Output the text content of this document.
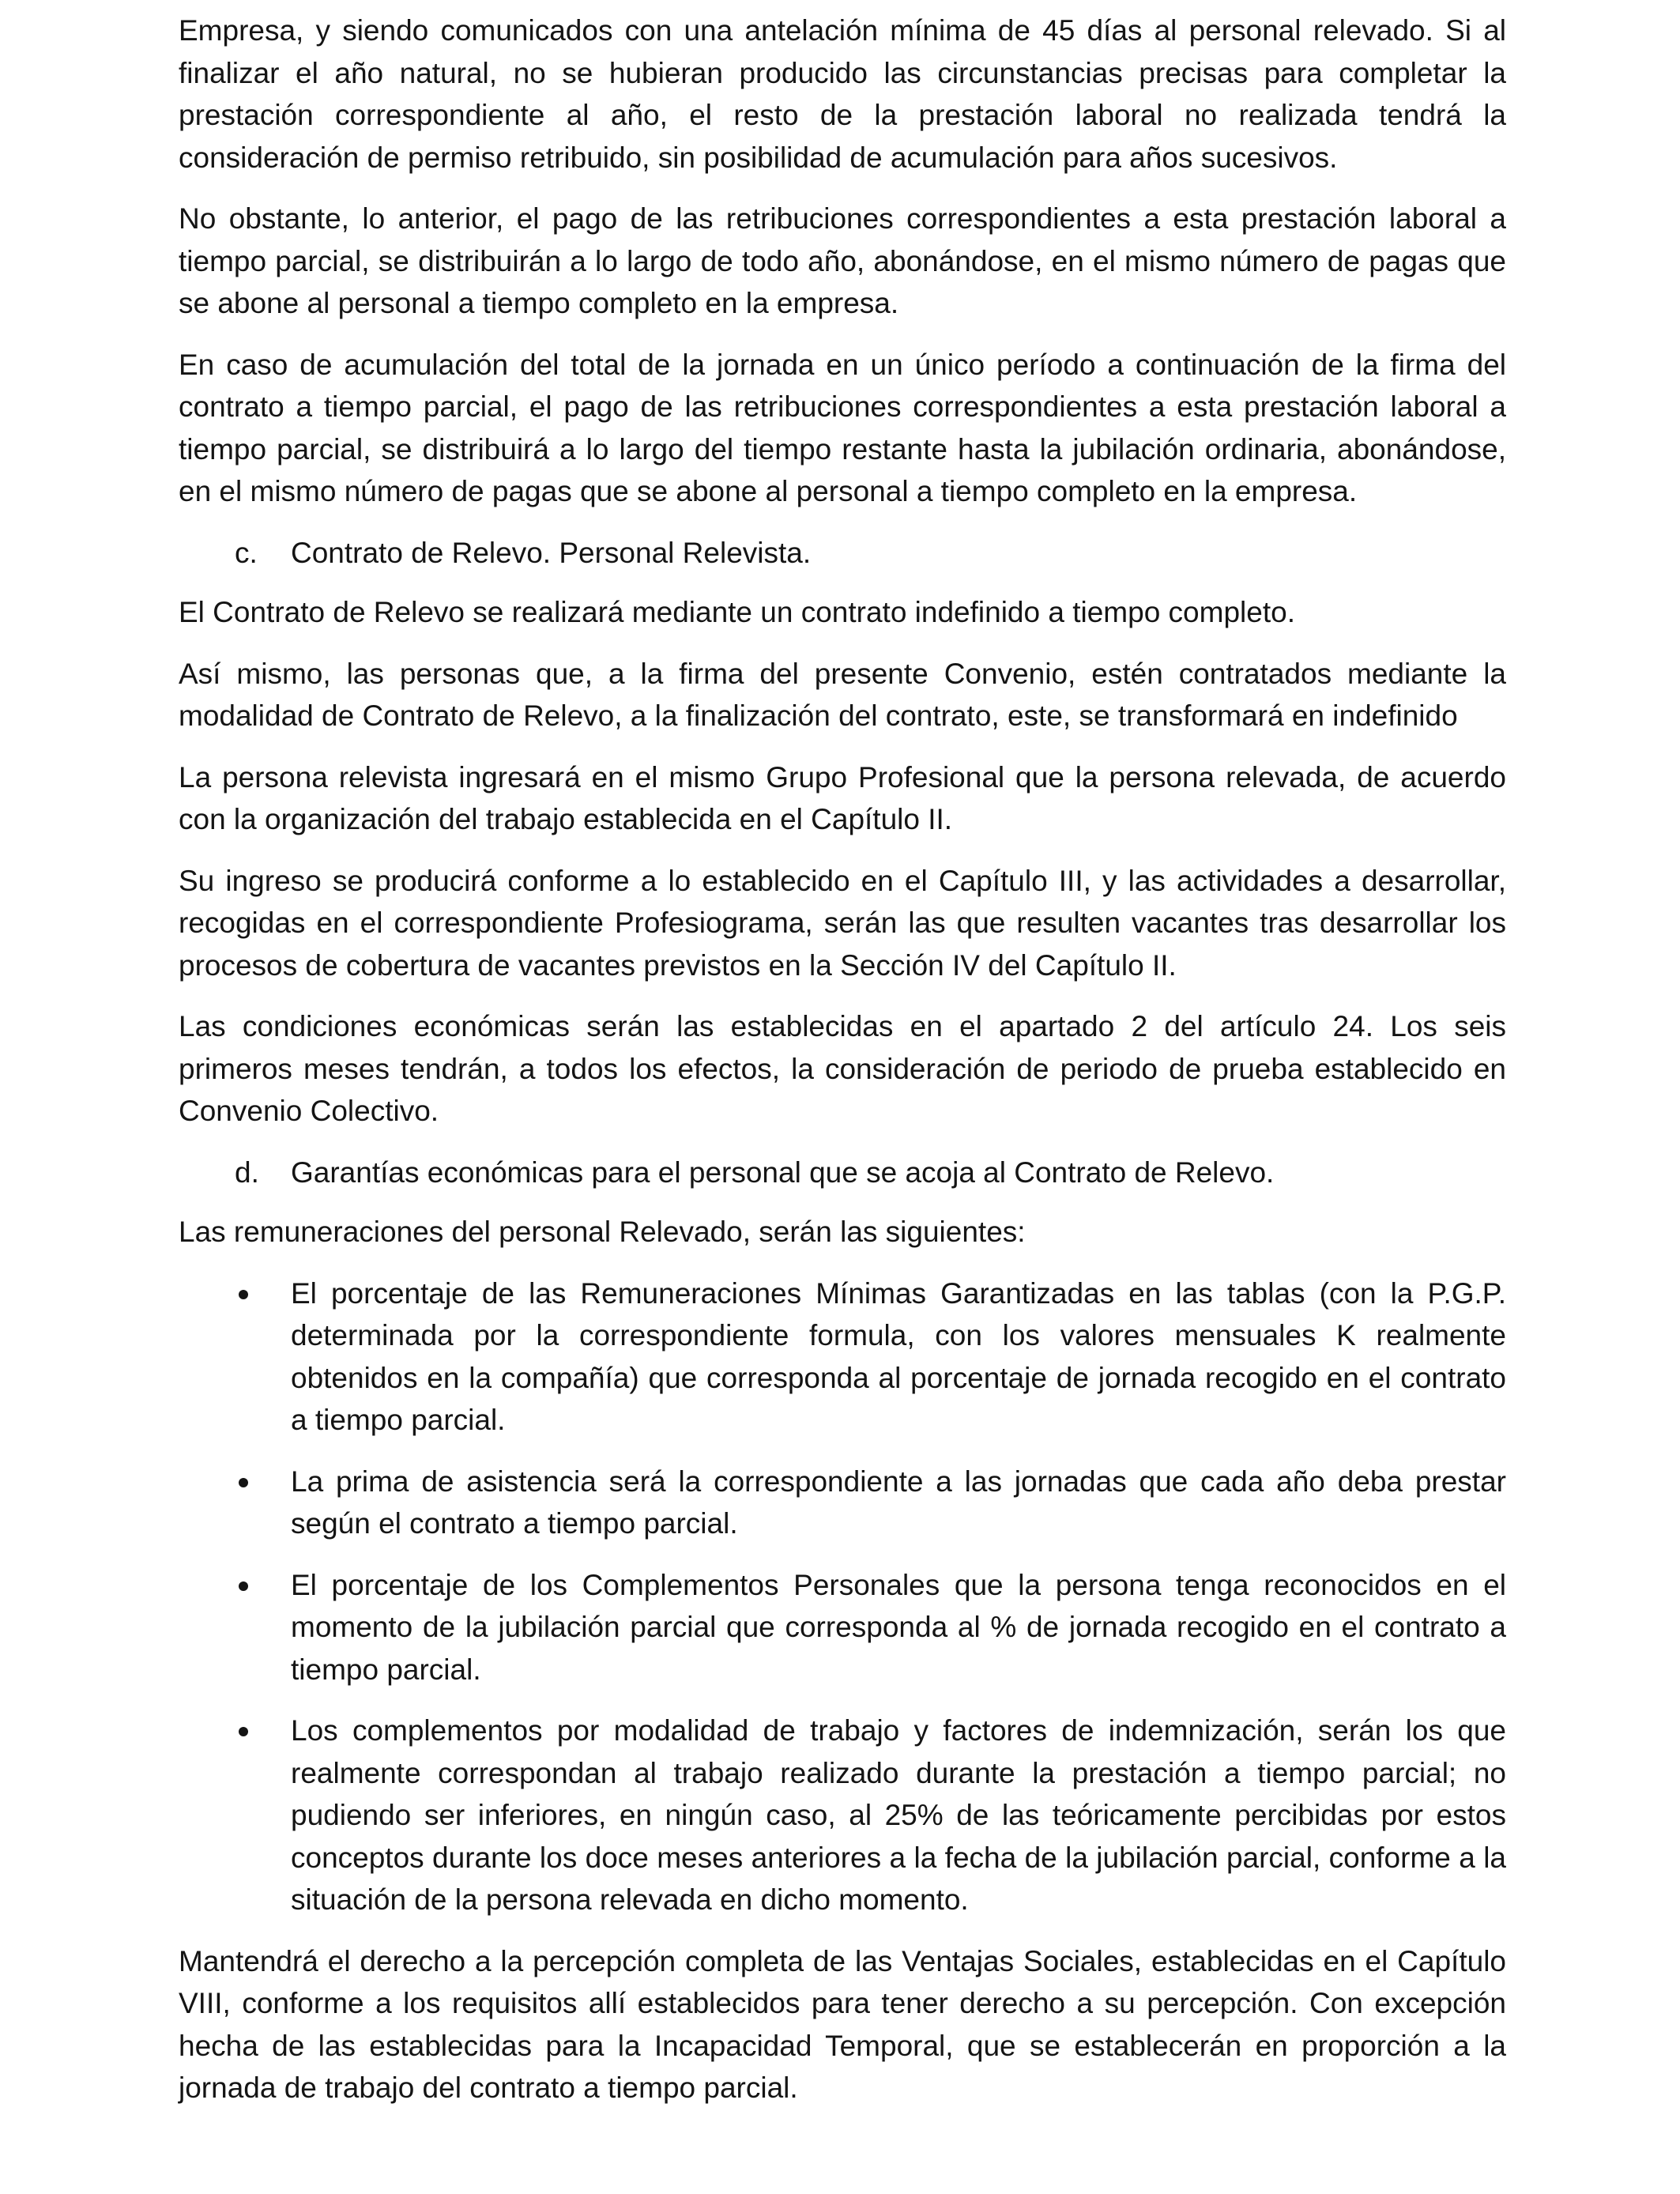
Empresa, y siendo comunicados con una antelación mínima de 45 días al personal relevado. Si al finalizar el año natural, no se hubieran producido las circunstancias precisas para completar la prestación correspondiente al año, el resto de la prestación laboral no realizada tendrá la consideración de permiso retribuido, sin posibilidad de acumulación para años sucesivos.

No obstante, lo anterior, el pago de las retribuciones correspondientes a esta prestación laboral a tiempo parcial, se distribuirán a lo largo de todo año, abonándose, en el mismo número de pagas que se abone al personal a tiempo completo en la empresa.

En caso de acumulación del total de la jornada en un único período a continuación de la firma del contrato a tiempo parcial, el pago de las retribuciones correspondientes a esta prestación laboral a tiempo parcial, se distribuirá a lo largo del tiempo restante hasta la jubilación ordinaria, abonándose, en el mismo número de pagas que se abone al personal a tiempo completo en la empresa.

c. Contrato de Relevo. Personal Relevista.

El Contrato de Relevo se realizará mediante un contrato indefinido a tiempo completo.

Así mismo, las personas que, a la firma del presente Convenio, estén contratados mediante la modalidad de Contrato de Relevo, a la finalización del contrato, este, se transformará en indefinido

La persona relevista ingresará en el mismo Grupo Profesional que la persona relevada, de acuerdo con la organización del trabajo establecida en el Capítulo II.

Su ingreso se producirá conforme a lo establecido en el Capítulo III, y las actividades a desarrollar, recogidas en el correspondiente Profesiograma, serán las que resulten vacantes tras desarrollar los procesos de cobertura de vacantes previstos en la Sección IV del Capítulo II.

Las condiciones económicas serán las establecidas en el apartado 2 del artículo 24. Los seis primeros meses tendrán, a todos los efectos, la consideración de periodo de prueba establecido en Convenio Colectivo.

d. Garantías económicas para el personal que se acoja al Contrato de Relevo.

Las remuneraciones del personal Relevado, serán las siguientes:

El porcentaje de las Remuneraciones Mínimas Garantizadas en las tablas (con la P.G.P. determinada por la correspondiente formula, con los valores mensuales K realmente obtenidos en la compañía) que corresponda al porcentaje de jornada recogido en el contrato a tiempo parcial.
La prima de asistencia será la correspondiente a las jornadas que cada año deba prestar según el contrato a tiempo parcial.
El porcentaje de los Complementos Personales que la persona tenga reconocidos en el momento de la jubilación parcial que corresponda al % de jornada recogido en el contrato a tiempo parcial.
Los complementos por modalidad de trabajo y factores de indemnización, serán los que realmente correspondan al trabajo realizado durante la prestación a tiempo parcial; no pudiendo ser inferiores, en ningún caso, al 25% de las teóricamente percibidas por estos conceptos durante los doce meses anteriores a la fecha de la jubilación parcial, conforme a la situación de la persona relevada en dicho momento.

Mantendrá el derecho a la percepción completa de las Ventajas Sociales, establecidas en el Capítulo VIII, conforme a los requisitos allí establecidos para tener derecho a su percepción. Con excepción hecha de las establecidas para la Incapacidad Temporal, que se establecerán en proporción a la jornada de trabajo del contrato a tiempo parcial.
